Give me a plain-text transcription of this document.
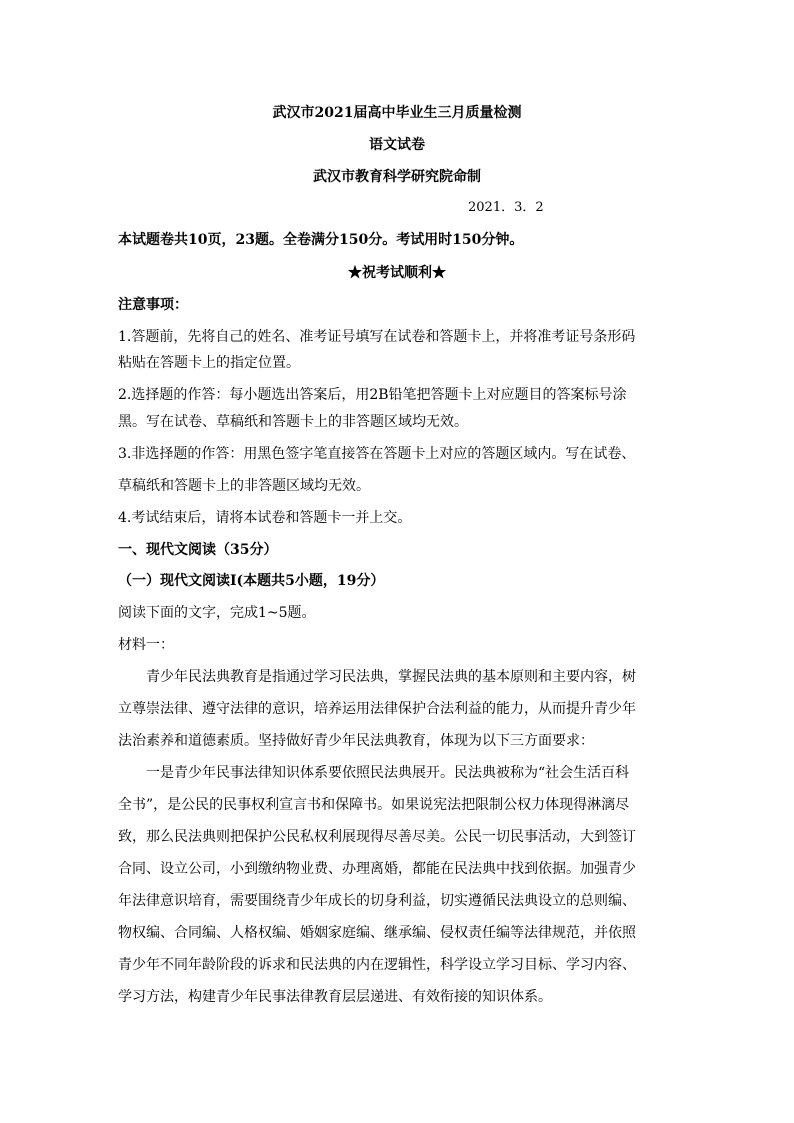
武汉市2021届高中毕业生三月质量检测
语文试卷
武汉市教育科学研究院命制
2021．3．2
本试题卷共10页，23题。全卷满分150分。考试用时150分钟。
★祝考试顺利★
注意事项：
1.答题前，先将自己的姓名、准考证号填写在试卷和答题卡上，并将准考证号条形码
粘贴在答题卡上的指定位置。
2.选择题的作答：每小题选出答案后，用2B铅笔把答题卡上对应题目的答案标号涂
黑。写在试卷、草稿纸和答题卡上的非答题区域均无效。
3.非选择题的作答：用黑色签字笔直接答在答题卡上对应的答题区域内。写在试卷、
草稿纸和答题卡上的非答题区域均无效。
4.考试结束后，请将本试卷和答题卡一并上交。
一、现代文阅读（35分）
（一）现代文阅读Ⅰ(本题共5小题，19分）
阅读下面的文字，完成1~5题。
材料一：
青少年民法典教育是指通过学习民法典，掌握民法典的基本原则和主要内容，树
立尊崇法律、遵守法律的意识，培养运用法律保护合法利益的能力，从而提升青少年
法治素养和道德素质。坚持做好青少年民法典教育，体现为以下三方面要求：
一是青少年民事法律知识体系要依照民法典展开。民法典被称为“社会生活百科
全书”，是公民的民事权利宣言书和保障书。如果说宪法把限制公权力体现得淋漓尽
致，那么民法典则把保护公民私权利展现得尽善尽美。公民一切民事活动，大到签订
合同、设立公司，小到缴纳物业费、办理离婚，都能在民法典中找到依据。加强青少
年法律意识培育，需要围绕青少年成长的切身利益，切实遵循民法典设立的总则编、
物权编、合同编、人格权编、婚姻家庭编、继承编、侵权责任编等法律规范，并依照
青少年不同年龄阶段的诉求和民法典的内在逻辑性，科学设立学习目标、学习内容、
学习方法，构建青少年民事法律教育层层递进、有效衔接的知识体系。
